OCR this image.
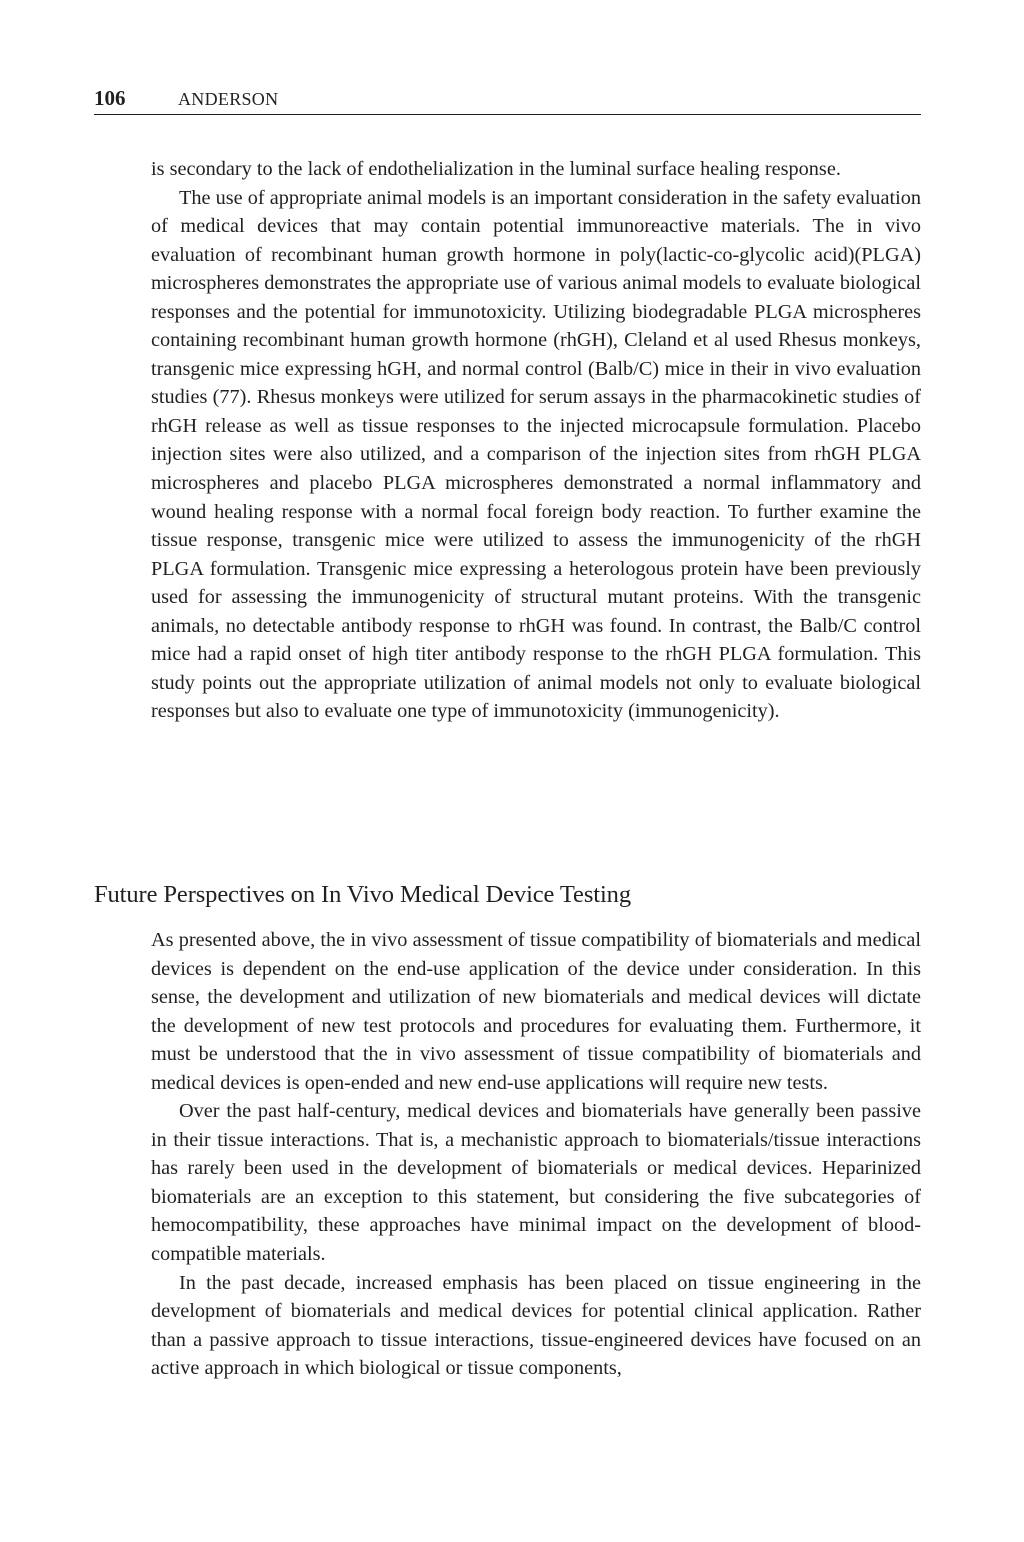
106	ANDERSON

is secondary to the lack of endothelialization in the luminal surface healing response.

The use of appropriate animal models is an important consideration in the safety evaluation of medical devices that may contain potential immunoreactive materials. The in vivo evaluation of recombinant human growth hormone in poly(lactic-co-glycolic acid)(PLGA) microspheres demonstrates the appropriate use of various animal models to evaluate biological responses and the potential for immunotoxicity. Utilizing biodegradable PLGA microspheres containing recombinant human growth hormone (rhGH), Cleland et al used Rhesus monkeys, transgenic mice expressing hGH, and normal control (Balb/C) mice in their in vivo evaluation studies (77). Rhesus monkeys were utilized for serum assays in the pharmacokinetic studies of rhGH release as well as tissue responses to the injected microcapsule formulation. Placebo injection sites were also utilized, and a comparison of the injection sites from rhGH PLGA microspheres and placebo PLGA microspheres demonstrated a normal inflammatory and wound healing response with a normal focal foreign body reaction. To further examine the tissue response, transgenic mice were utilized to assess the immunogenicity of the rhGH PLGA formulation. Transgenic mice expressing a heterologous protein have been previously used for assessing the immunogenicity of structural mutant proteins. With the transgenic animals, no detectable antibody response to rhGH was found. In contrast, the Balb/C control mice had a rapid onset of high titer antibody response to the rhGH PLGA formulation. This study points out the appropriate utilization of animal models not only to evaluate biological responses but also to evaluate one type of immunotoxicity (immunogenicity).

Future Perspectives on In Vivo Medical Device Testing

As presented above, the in vivo assessment of tissue compatibility of biomaterials and medical devices is dependent on the end-use application of the device under consideration. In this sense, the development and utilization of new biomaterials and medical devices will dictate the development of new test protocols and procedures for evaluating them. Furthermore, it must be understood that the in vivo assessment of tissue compatibility of biomaterials and medical devices is open-ended and new end-use applications will require new tests.

Over the past half-century, medical devices and biomaterials have generally been passive in their tissue interactions. That is, a mechanistic approach to biomaterials/tissue interactions has rarely been used in the development of biomaterials or medical devices. Heparinized biomaterials are an exception to this statement, but considering the five subcategories of hemocompatibility, these approaches have minimal impact on the development of blood-compatible materials.

In the past decade, increased emphasis has been placed on tissue engineering in the development of biomaterials and medical devices for potential clinical application. Rather than a passive approach to tissue interactions, tissue-engineered devices have focused on an active approach in which biological or tissue components,
